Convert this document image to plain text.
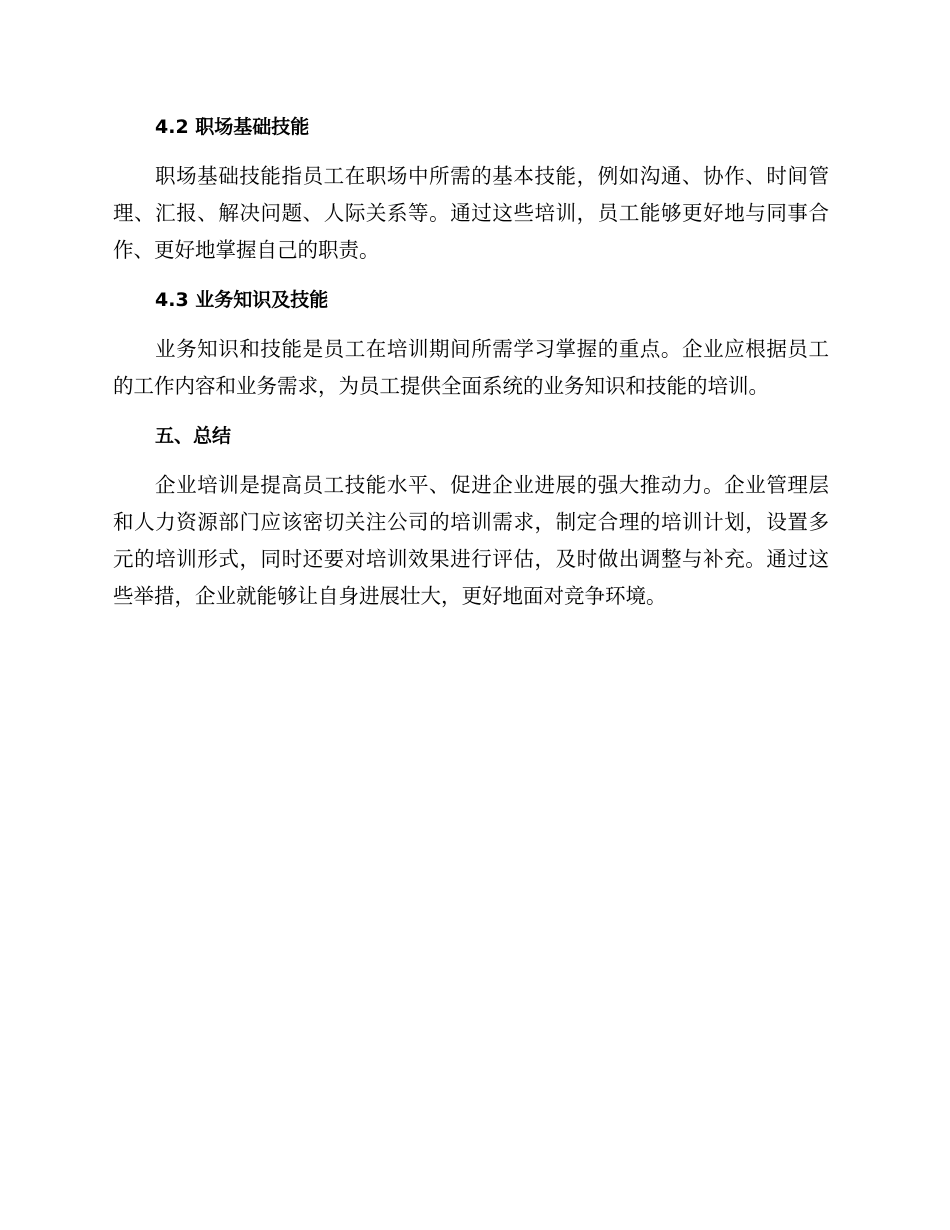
4.2 职场基础技能

职场基础技能指员工在职场中所需的基本技能，例如沟通、协作、时间管理、汇报、解决问题、人际关系等。通过这些培训，员工能够更好地与同事合作、更好地掌握自己的职责。

4.3 业务知识及技能

业务知识和技能是员工在培训期间所需学习掌握的重点。企业应根据员工的工作内容和业务需求，为员工提供全面系统的业务知识和技能的培训。

五、总结

企业培训是提高员工技能水平、促进企业进展的强大推动力。企业管理层和人力资源部门应该密切关注公司的培训需求，制定合理的培训计划，设置多元的培训形式，同时还要对培训效果进行评估，及时做出调整与补充。通过这些举措，企业就能够让自身进展壮大，更好地面对竞争环境。
